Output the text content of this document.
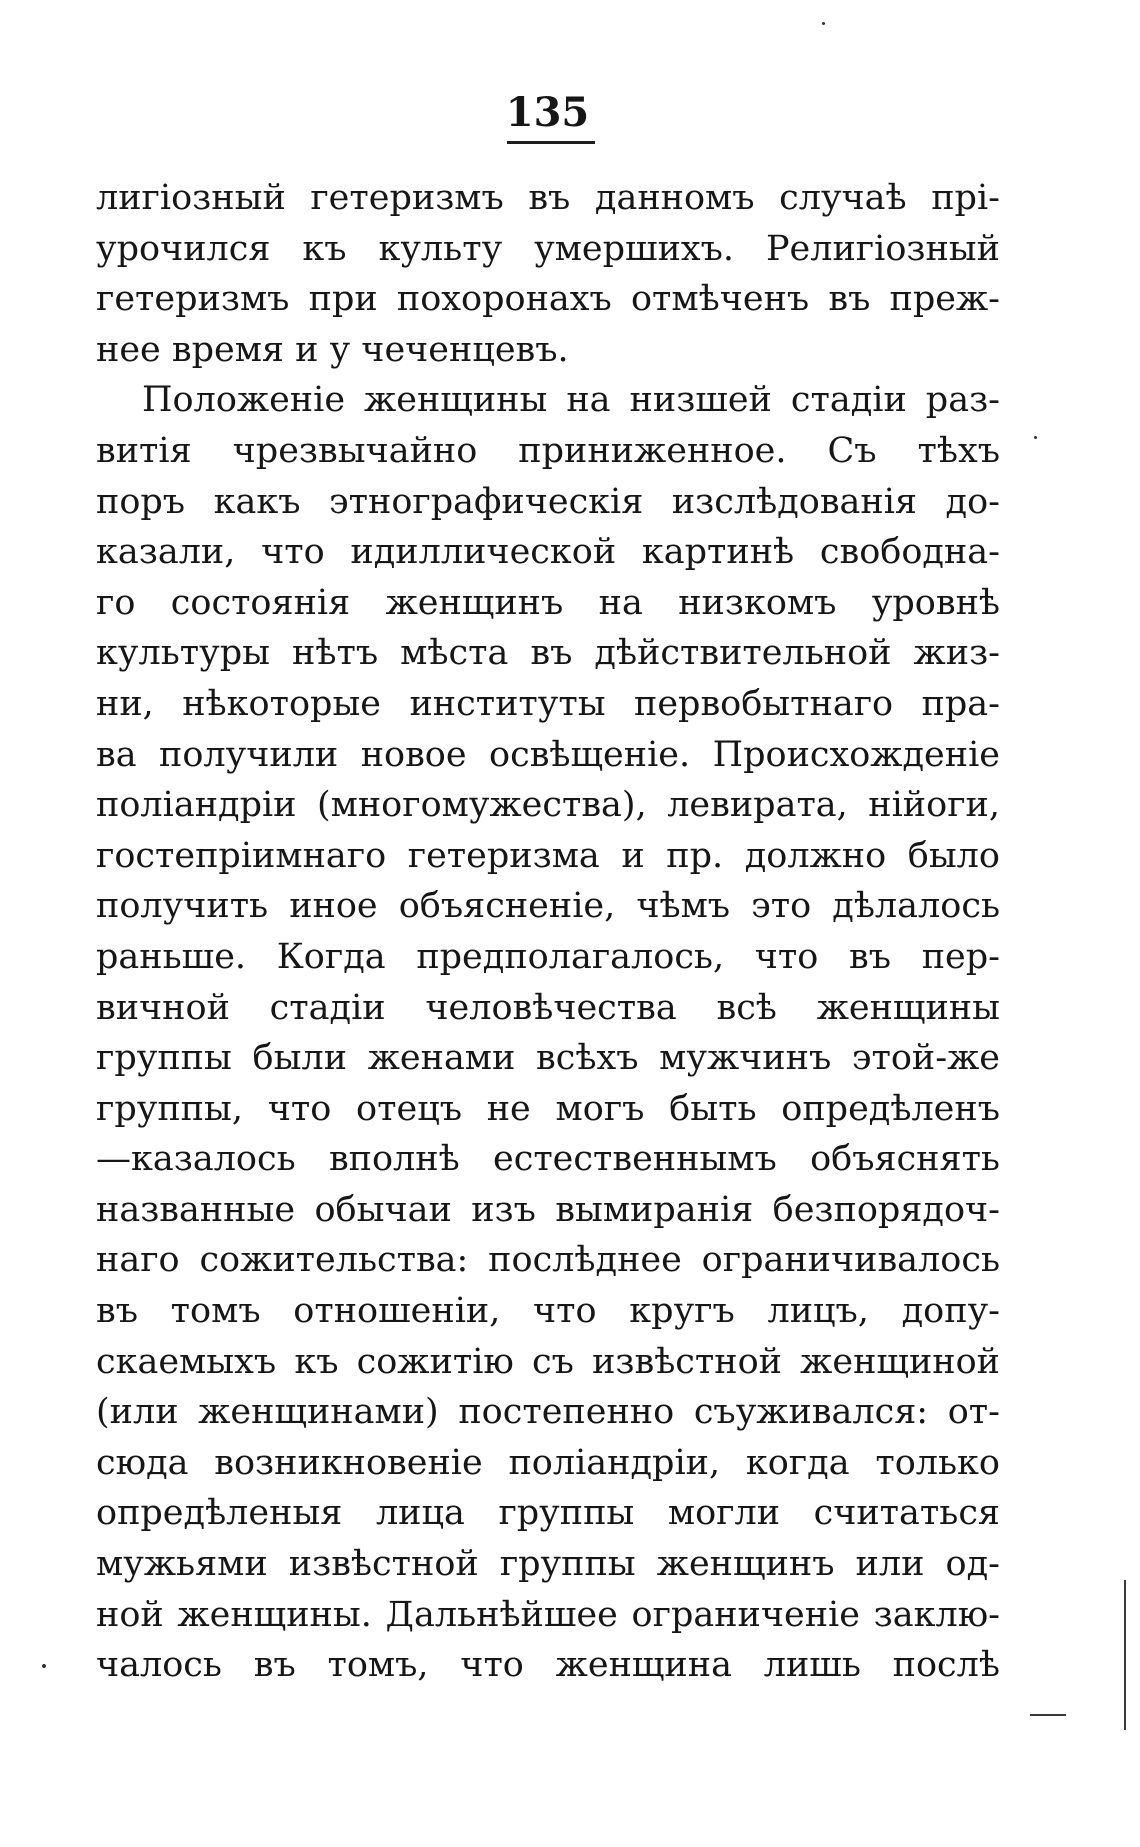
135
лигіозный гетеризмъ въ данномъ случаѣ прі-
урочился къ культу умершихъ. Религіозный
гетеризмъ при похоронахъ отмѣченъ въ преж-
нее время и у чеченцевъ.
Положеніе женщины на низшей стадіи раз-
витія чрезвычайно приниженное. Съ тѣхъ
поръ какъ этнографическія изслѣдованія до-
казали, что идиллической картинѣ свободна-
го состоянія женщинъ на низкомъ уровнѣ
культуры нѣтъ мѣста въ дѣйствительной жиз-
ни, нѣкоторые институты первобытнаго пра-
ва получили новое освѣщеніе. Происхожденіе
поліандріи (многомужества), левирата, нійоги,
гостепріимнаго гетеризма и пр. должно было
получить иное объясненіе, чѣмъ это дѣлалось
раньше. Когда предполагалось, что въ пер-
вичной стадіи человѣчества всѣ женщины
группы были женами всѣхъ мужчинъ этой-же
группы, что отецъ не могъ быть опредѣленъ
—казалось вполнѣ естественнымъ объяснять
названные обычаи изъ вымиранія безпорядоч-
наго сожительства: послѣднее ограничивалось
въ томъ отношеніи, что кругъ лицъ, допу-
скаемыхъ къ сожитію съ извѣстной женщиной
(или женщинами) постепенно съуживался: от-
сюда возникновеніе поліандріи, когда только
опредѣленыя лица группы могли считаться
мужьями извѣстной группы женщинъ или од-
ной женщины. Дальнѣйшее ограниченіе заклю-
чалось въ томъ, что женщина лишь послѣ
